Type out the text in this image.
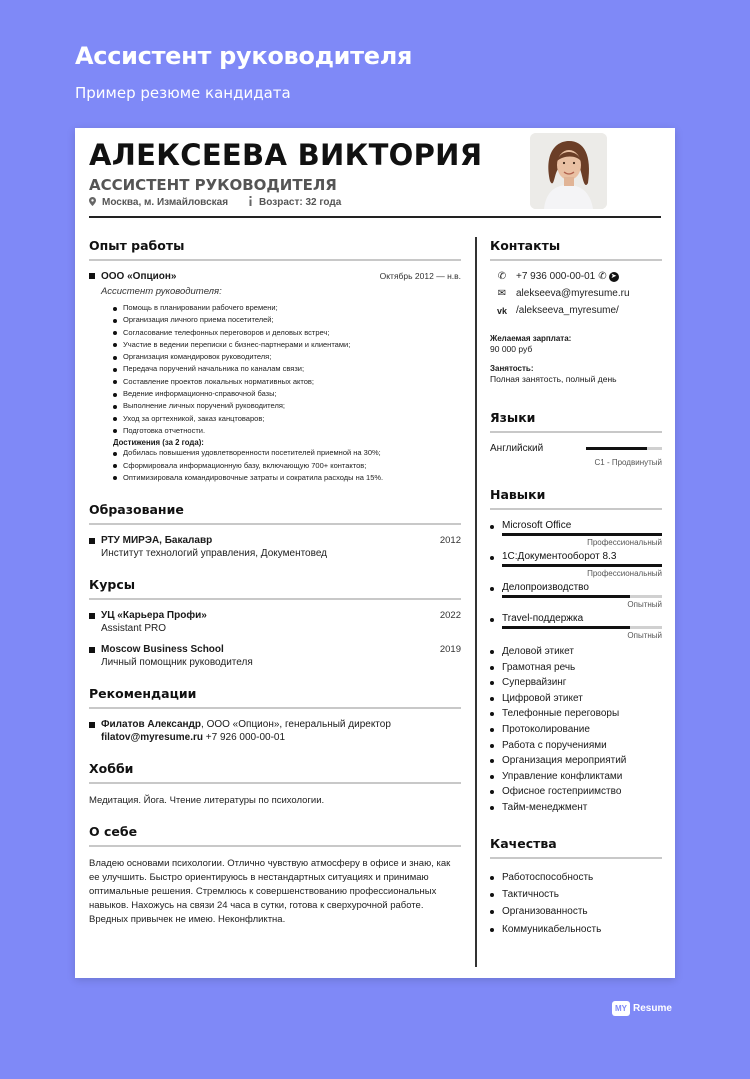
Ассистент руководителя
Пример резюме кандидата
АЛЕКСЕЕВА ВИКТОРИЯ
АССИСТЕНТ РУКОВОДИТЕЛЯ
Москва, м. Измайловская	Возраст: 32 года
Опыт работы
ООО «Опцион»	Октябрь 2012 — н.в.
Ассистент руководителя:
Помощь в планировании рабочего времени;
Организация личного приема посетителей;
Согласование телефонных переговоров и деловых встреч;
Участие в ведении переписки с бизнес-партнерами и клиентами;
Организация командировок руководителя;
Передача поручений начальника по каналам связи;
Составление проектов локальных нормативных актов;
Ведение информационно-справочной базы;
Выполнение личных поручений руководителя;
Уход за оргтехникой, заказ канцтоваров;
Подготовка отчетности.
Достижения (за 2 года):
Добилась повышения удовлетворенности посетителей приемной на 30%;
Сформировала информационную базу, включающую 700+ контактов;
Оптимизировала командировочные затраты и сократила расходы на 15%.
Образование
РТУ МИРЭА, Бакалавр	2012
Институт технологий управления, Документовед
Курсы
УЦ «Карьера Профи»	2022
Assistant PRO
Moscow Business School	2019
Личный помощник руководителя
Рекомендации
Филатов Александр, ООО «Опцион», генеральный директор
filatov@myresume.ru +7 926 000-00-01
Хобби
Медитация. Йога. Чтение литературы по психологии.
О себе
Владею основами психологии. Отлично чувствую атмосферу в офисе и знаю, как ее улучшить. Быстро ориентируюсь в нестандартных ситуациях и принимаю оптимальные решения. Стремлюсь к совершенствованию профессиональных навыков. Нахожусь на связи 24 часа в сутки, готова к сверхурочной работе. Вредных привычек не имею. Неконфликтна.
Контакты
✆ +7 936 000-00-01 ✆ ➤
✉ alekseeva@myresume.ru
vk /alekseeva_myresume/
Желаемая зарплата:
90 000 руб
Занятость:
Полная занятость, полный день
Языки
Английский
C1 - Продвинутый
Навыки
Microsoft Office
Профессиональный
1С:Документооборот 8.3
Профессиональный
Делопроизводство
Опытный
Travel-поддержка
Опытный
Деловой этикет
Грамотная речь
Супервайзинг
Цифровой этикет
Телефонные переговоры
Протоколирование
Работа с поручениями
Организация мероприятий
Управление конфликтами
Офисное гостеприимство
Тайм-менеджмент
Качества
Работоспособность
Тактичность
Организованность
Коммуникабельность
MY Resume
